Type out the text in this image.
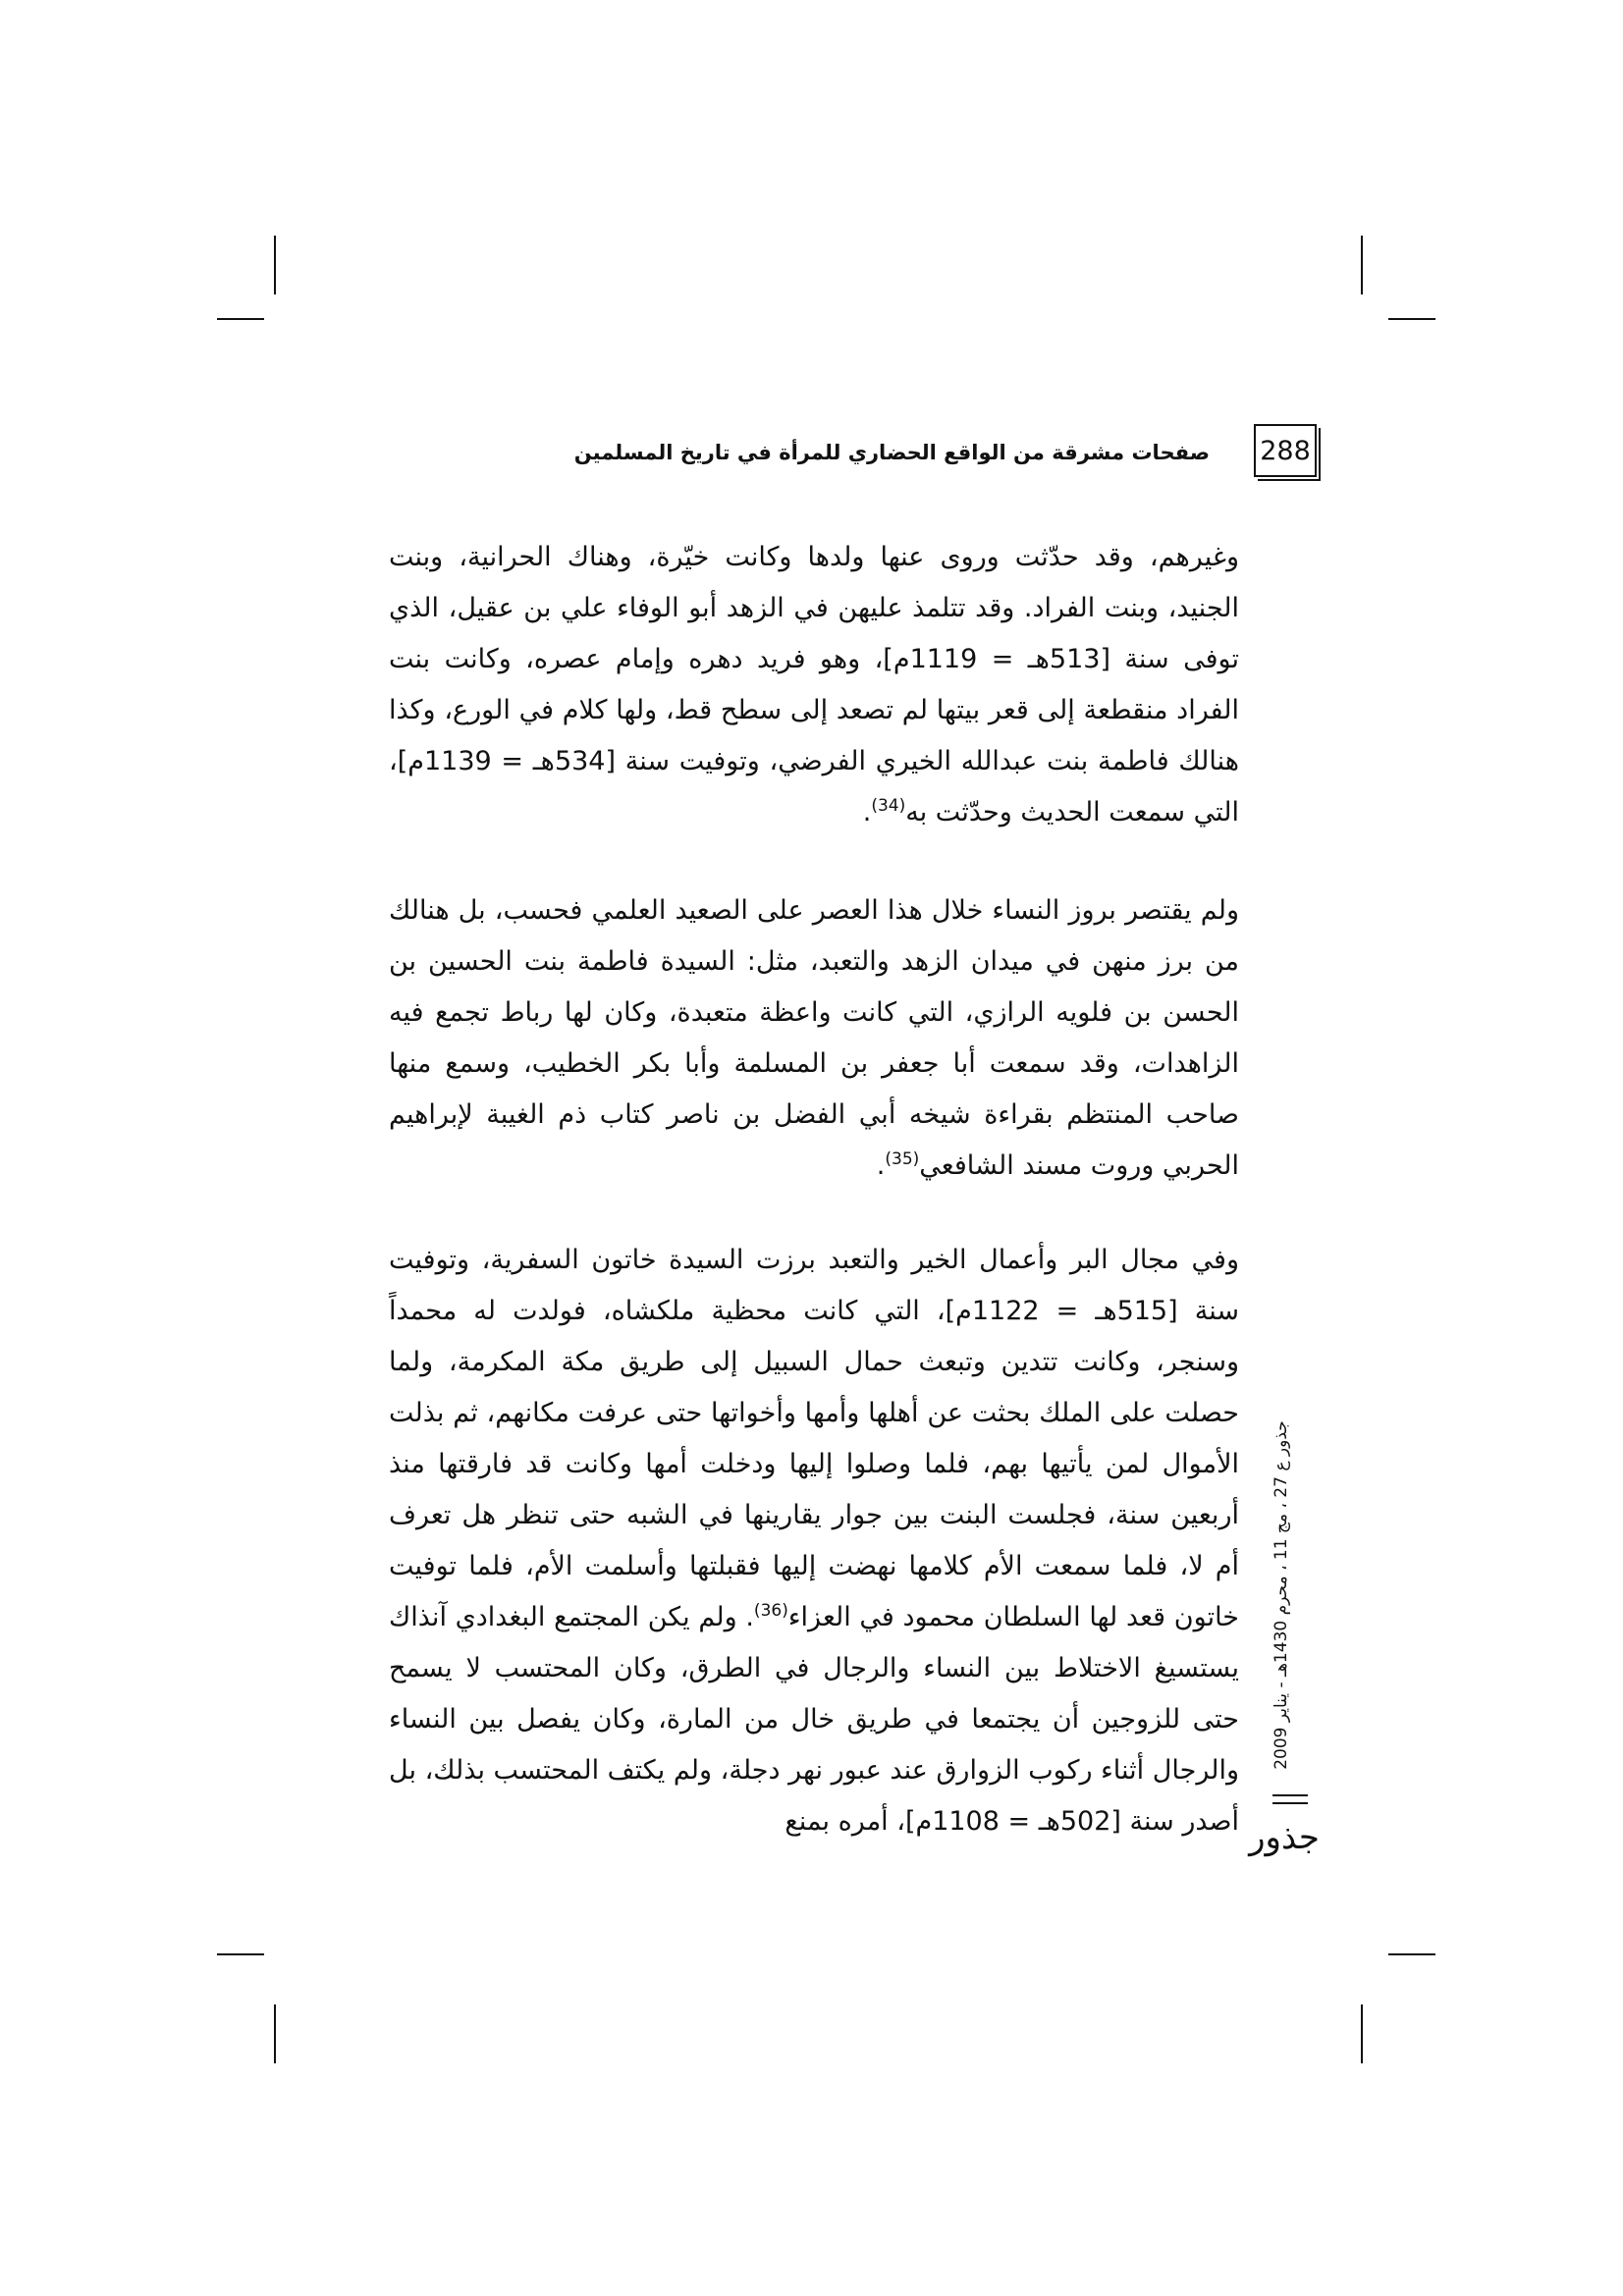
صفحات مشرقة من الواقع الحضاري للمرأة في تاريخ المسلمين 288
وغيرهم، وقد حدّثت وروى عنها ولدها وكانت خيّرة، وهناك الحرانية، وبنت الجنيد، وبنت الفراد. وقد تتلمذ عليهن في الزهد أبو الوفاء علي بن عقيل، الذي توفى سنة [513هـ = 1119م]، وهو فريد دهره وإمام عصره، وكانت بنت الفراد منقطعة إلى قعر بيتها لم تصعد إلى سطح قط، ولها كلام في الورع، وكذا هنالك فاطمة بنت عبدالله الخيري الفرضي، وتوفيت سنة [534هـ = 1139م]، التي سمعت الحديث وحدّثت به$^{(34)}$.
ولم يقتصر بروز النساء خلال هذا العصر على الصعيد العلمي فحسب، بل هنالك من برز منهن في ميدان الزهد والتعبد، مثل: السيدة فاطمة بنت الحسين بن الحسن بن فلويه الرازي، التي كانت واعظة متعبدة، وكان لها رباط تجمع فيه الزاهدات، وقد سمعت أبا جعفر بن المسلمة وأبا بكر الخطيب، وسمع منها صاحب المنتظم بقراءة شيخه أبي الفضل بن ناصر كتاب ذم الغيبة لإبراهيم الحربي وروت مسند الشافعي$^{(35)}$.
وفي مجال البر وأعمال الخير والتعبد برزت السيدة خاتون السفرية، وتوفيت سنة [515هـ = 1122م]، التي كانت محظية ملكشاه، فولدت له محمداً وسنجر، وكانت تتدين وتبعث حمال السبيل إلى طريق مكة المكرمة، ولما حصلت على الملك بحثت عن أهلها وأمها وأخواتها حتى عرفت مكانهم، ثم بذلت الأموال لمن يأتيها بهم، فلما وصلوا إليها ودخلت أمها وكانت قد فارقتها منذ أربعين سنة، فجلست البنت بين جوار يقارينها في الشبه حتى تنظر هل تعرف أم لا، فلما سمعت الأم كلامها نهضت إليها فقبلتها وأسلمت الأم، فلما توفيت خاتون قعد لها السلطان محمود في العزاء$^{(36)}$. ولم يكن المجتمع البغدادي آنذاك يستسيغ الاختلاط بين النساء والرجال في الطرق، وكان المحتسب لا يسمح حتى للزوجين أن يجتمعا في طريق خال من المارة، وكان يفصل بين النساء والرجال أثناء ركوب الزوارق عند عبور نهر دجلة، ولم يكتف المحتسب بذلك، بل أصدر سنة [502هـ = 1108م]، أمره بمنع
جذور ع 27 ، مج 11 ، محرم 1430هـ - يناير 2009
جذور
